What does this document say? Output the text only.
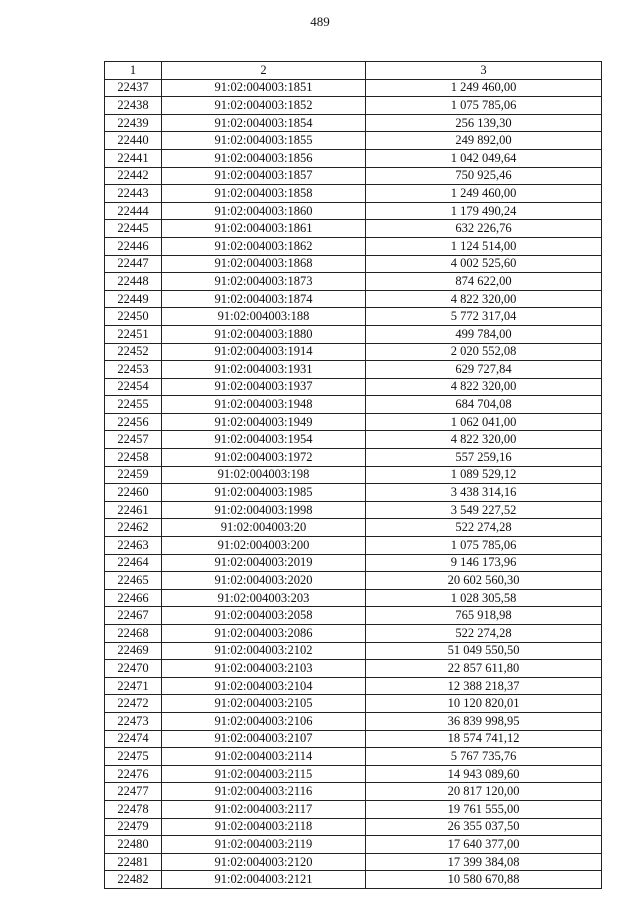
489
1	2	3
22437	91:02:004003:1851	1 249 460,00
22438	91:02:004003:1852	1 075 785,06
22439	91:02:004003:1854	256 139,30
22440	91:02:004003:1855	249 892,00
22441	91:02:004003:1856	1 042 049,64
22442	91:02:004003:1857	750 925,46
22443	91:02:004003:1858	1 249 460,00
22444	91:02:004003:1860	1 179 490,24
22445	91:02:004003:1861	632 226,76
22446	91:02:004003:1862	1 124 514,00
22447	91:02:004003:1868	4 002 525,60
22448	91:02:004003:1873	874 622,00
22449	91:02:004003:1874	4 822 320,00
22450	91:02:004003:188	5 772 317,04
22451	91:02:004003:1880	499 784,00
22452	91:02:004003:1914	2 020 552,08
22453	91:02:004003:1931	629 727,84
22454	91:02:004003:1937	4 822 320,00
22455	91:02:004003:1948	684 704,08
22456	91:02:004003:1949	1 062 041,00
22457	91:02:004003:1954	4 822 320,00
22458	91:02:004003:1972	557 259,16
22459	91:02:004003:198	1 089 529,12
22460	91:02:004003:1985	3 438 314,16
22461	91:02:004003:1998	3 549 227,52
22462	91:02:004003:20	522 274,28
22463	91:02:004003:200	1 075 785,06
22464	91:02:004003:2019	9 146 173,96
22465	91:02:004003:2020	20 602 560,30
22466	91:02:004003:203	1 028 305,58
22467	91:02:004003:2058	765 918,98
22468	91:02:004003:2086	522 274,28
22469	91:02:004003:2102	51 049 550,50
22470	91:02:004003:2103	22 857 611,80
22471	91:02:004003:2104	12 388 218,37
22472	91:02:004003:2105	10 120 820,01
22473	91:02:004003:2106	36 839 998,95
22474	91:02:004003:2107	18 574 741,12
22475	91:02:004003:2114	5 767 735,76
22476	91:02:004003:2115	14 943 089,60
22477	91:02:004003:2116	20 817 120,00
22478	91:02:004003:2117	19 761 555,00
22479	91:02:004003:2118	26 355 037,50
22480	91:02:004003:2119	17 640 377,00
22481	91:02:004003:2120	17 399 384,08
22482	91:02:004003:2121	10 580 670,88
